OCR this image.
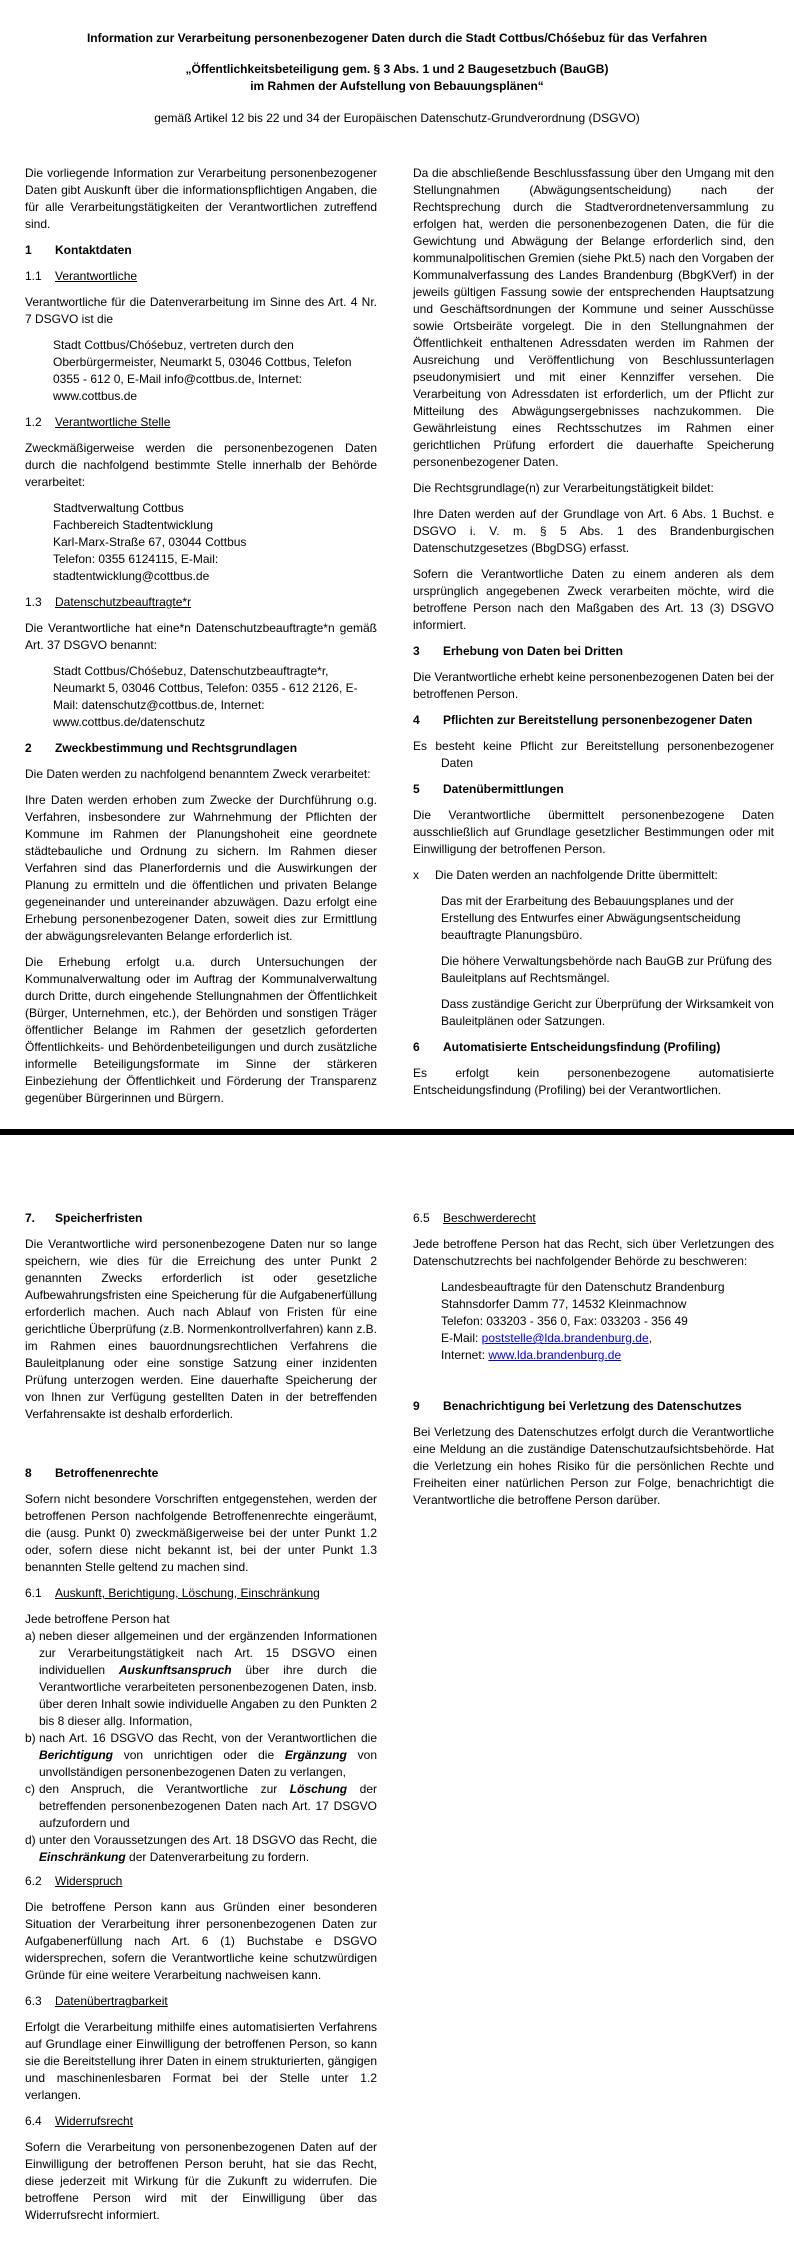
Information zur Verarbeitung personenbezogener Daten durch die Stadt Cottbus/Chóśebuz für das Verfahren
„Öffentlichkeitsbeteiligung gem. § 3 Abs. 1 und 2 Baugesetzbuch (BauGB)
im Rahmen der Aufstellung von Bebauungsplänen“
gemäß Artikel 12 bis 22 und 34 der Europäischen Datenschutz-Grundverordnung (DSGVO)

Die vorliegende Information zur Verarbeitung personenbezogener Daten gibt Auskunft über die informationspflichtigen Angaben, die für alle Verarbeitungstätigkeiten der Verantwortlichen zutreffend sind.

1	Kontaktdaten
1.1	Verantwortliche

Verantwortliche für die Datenverarbeitung im Sinne des Art. 4 Nr. 7 DSGVO ist die

Stadt Cottbus/Chóśebuz, vertreten durch den Oberbürgermeister, Neumarkt 5, 03046 Cottbus, Telefon 0355 - 612 0, E-Mail info@cottbus.de, Internet: www.cottbus.de
1.2	Verantwortliche Stelle

Zweckmäßigerweise werden die personenbezogenen Daten durch die nachfolgend bestimmte Stelle innerhalb der Behörde verarbeitet:

Stadtverwaltung Cottbus
Fachbereich Stadtentwicklung
Karl-Marx-Straße 67, 03044 Cottbus
Telefon: 0355 6124115, E-Mail: stadtentwicklung@cottbus.de
1.3	Datenschutzbeauftragte*r

Die Verantwortliche hat eine*n Datenschutzbeauftragte*n gemäß Art. 37 DSGVO benannt:

Stadt Cottbus/Chóśebuz, Datenschutzbeauftragte*r, Neumarkt 5, 03046 Cottbus, Telefon: 0355 - 612 2126, E-Mail: datenschutz@cottbus.de, Internet: www.cottbus.de/datenschutz
2	Zweckbestimmung und Rechtsgrundlagen

Die Daten werden zu nachfolgend benanntem Zweck verarbeitet:

Ihre Daten werden erhoben zum Zwecke der Durchführung o.g. Verfahren, insbesondere zur Wahrnehmung der Pflichten der Kommune im Rahmen der Planungshoheit eine geordnete städtebauliche und Ordnung zu sichern. Im Rahmen dieser Verfahren sind das Planerfordernis und die Auswirkungen der Planung zu ermitteln und die öffentlichen und privaten Belange gegeneinander und untereinander abzuwägen. Dazu erfolgt eine Erhebung personenbezogener Daten, soweit dies zur Ermittlung der abwägungsrelevanten Belange erforderlich ist.

Die Erhebung erfolgt u.a. durch Untersuchungen der Kommunalverwaltung oder im Auftrag der Kommunalverwaltung durch Dritte, durch eingehende Stellungnahmen der Öffentlichkeit (Bürger, Unternehmen, etc.), der Behörden und sonstigen Träger öffentlicher Belange im Rahmen der gesetzlich geforderten Öffentlichkeits- und Behördenbeteiligungen und durch zusätzliche informelle Beteiligungsformate im Sinne der stärkeren Einbeziehung der Öffentlichkeit und Förderung der Transparenz gegenüber Bürgerinnen und Bürgern.

Da die abschließende Beschlussfassung über den Umgang mit den Stellungnahmen (Abwägungsentscheidung) nach der Rechtsprechung durch die Stadtverordnetenversammlung zu erfolgen hat, werden die personenbezogenen Daten, die für die Gewichtung und Abwägung der Belange erforderlich sind, den kommunalpolitischen Gremien (siehe Pkt.5) nach den Vorgaben der Kommunalverfassung des Landes Brandenburg (BbgKVerf) in der jeweils gültigen Fassung sowie der entsprechenden Hauptsatzung und Geschäftsordnungen der Kommune und seiner Ausschüsse sowie Ortsbeiräte vorgelegt. Die in den Stellungnahmen der Öffentlichkeit enthaltenen Adressdaten werden im Rahmen der Ausreichung und Veröffentlichung von Beschlussunterlagen pseudonymisiert und mit einer Kennziffer versehen. Die Verarbeitung von Adressdaten ist erforderlich, um der Pflicht zur Mitteilung des Abwägungsergebnisses nachzukommen. Die Gewährleistung eines Rechtsschutzes im Rahmen einer gerichtlichen Prüfung erfordert die dauerhafte Speicherung personenbezogener Daten.

Die Rechtsgrundlage(n) zur Verarbeitungstätigkeit bildet:

Ihre Daten werden auf der Grundlage von Art. 6 Abs. 1 Buchst. e DSGVO i. V. m. § 5 Abs. 1 des Brandenburgischen Datenschutzgesetzes (BbgDSG) erfasst.

Sofern die Verantwortliche Daten zu einem anderen als dem ursprünglich angegebenen Zweck verarbeiten möchte, wird die betroffene Person nach den Maßgaben des Art. 13 (3) DSGVO informiert.

3	Erhebung von Daten bei Dritten

Die Verantwortliche erhebt keine personenbezogenen Daten bei der betroffenen Person.

4	Pflichten zur Bereitstellung personenbezogener Daten

Es besteht keine Pflicht zur Bereitstellung personenbezogener Daten

5	Datenübermittlungen

Die Verantwortliche übermittelt personenbezogene Daten ausschließlich auf Grundlage gesetzlicher Bestimmungen oder mit Einwilligung der betroffenen Person.

x	Die Daten werden an nachfolgende Dritte übermittelt:
Das mit der Erarbeitung des Bebauungsplanes und der Erstellung des Entwurfes einer Abwägungsentscheidung beauftragte Planungsbüro.
Die höhere Verwaltungsbehörde nach BauGB zur Prüfung des Bauleitplans auf Rechtsmängel.
Dass zuständige Gericht zur Überprüfung der Wirksamkeit von Bauleitplänen oder Satzungen.
6	Automatisierte Entscheidungsfindung (Profiling)

Es erfolgt kein personenbezogene automatisierte Entscheidungsfindung (Profiling) bei der Verantwortlichen.

7.	Speicherfristen

Die Verantwortliche wird personenbezogene Daten nur so lange speichern, wie dies für die Erreichung des unter Punkt 2 genannten Zwecks erforderlich ist oder gesetzliche Aufbewahrungsfristen eine Speicherung für die Aufgabenerfüllung erforderlich machen. Auch nach Ablauf von Fristen für eine gerichtliche Überprüfung (z.B. Normenkontrollverfahren) kann z.B. im Rahmen eines bauordnungsrechtlichen Verfahrens die Bauleitplanung oder eine sonstige Satzung einer inzidenten Prüfung unterzogen werden. Eine dauerhafte Speicherung der von Ihnen zur Verfügung gestellten Daten in der betreffenden Verfahrensakte ist deshalb erforderlich.

8	Betroffenenrechte

Sofern nicht besondere Vorschriften entgegenstehen, werden der betroffenen Person nachfolgende Betroffenenrechte eingeräumt, die (ausg. Punkt 0) zweckmäßigerweise bei der unter Punkt 1.2 oder, sofern diese nicht bekannt ist, bei der unter Punkt 1.3 benannten Stelle geltend zu machen sind.

6.1	Auskunft, Berichtigung, Löschung, Einschränkung

Jede betroffene Person hat

a) neben dieser allgemeinen und der ergänzenden Informationen zur Verarbeitungstätigkeit nach Art. 15 DSGVO einen individuellen Auskunftsanspruch über ihre durch die Verantwortliche verarbeiteten personenbezogenen Daten, insb. über deren Inhalt sowie individuelle Angaben zu den Punkten 2 bis 8 dieser allg. Information,
b) nach Art. 16 DSGVO das Recht, von der Verantwortlichen die Berichtigung von unrichtigen oder die Ergänzung von unvollständigen personenbezogenen Daten zu verlangen,
c) den Anspruch, die Verantwortliche zur Löschung der betreffenden personenbezogenen Daten nach Art. 17 DSGVO aufzufordern und
d) unter den Voraussetzungen des Art. 18 DSGVO das Recht, die Einschränkung der Datenverarbeitung zu fordern.
6.2	Widerspruch

Die betroffene Person kann aus Gründen einer besonderen Situation der Verarbeitung ihrer personenbezogenen Daten zur Aufgabenerfüllung nach Art. 6 (1) Buchstabe e DSGVO widersprechen, sofern die Verantwortliche keine schutzwürdigen Gründe für eine weitere Verarbeitung nachweisen kann.

6.3	Datenübertragbarkeit

Erfolgt die Verarbeitung mithilfe eines automatisierten Verfahrens auf Grundlage einer Einwilligung der betroffenen Person, so kann sie die Bereitstellung ihrer Daten in einem strukturierten, gängigen und maschinenlesbaren Format bei der Stelle unter 1.2 verlangen.

6.4	Widerrufsrecht

Sofern die Verarbeitung von personenbezogenen Daten auf der Einwilligung der betroffenen Person beruht, hat sie das Recht, diese jederzeit mit Wirkung für die Zukunft zu widerrufen. Die betroffene Person wird mit der Einwilligung über das Widerrufsrecht informiert.

6.5	Beschwerderecht

Jede betroffene Person hat das Recht, sich über Verletzungen des Datenschutzrechts bei nachfolgender Behörde zu beschweren:

Landesbeauftragte für den Datenschutz Brandenburg
Stahnsdorfer Damm 77, 14532 Kleinmachnow
Telefon: 033203 - 356 0, Fax: 033203 - 356 49
E-Mail: poststelle@lda.brandenburg.de,
Internet: www.lda.brandenburg.de
9	Benachrichtigung bei Verletzung des Datenschutzes

Bei Verletzung des Datenschutzes erfolgt durch die Verantwortliche eine Meldung an die zuständige Datenschutzaufsichtsbehörde. Hat die Verletzung ein hohes Risiko für die persönlichen Rechte und Freiheiten einer natürlichen Person zur Folge, benachrichtigt die Verantwortliche die betroffene Person darüber.
